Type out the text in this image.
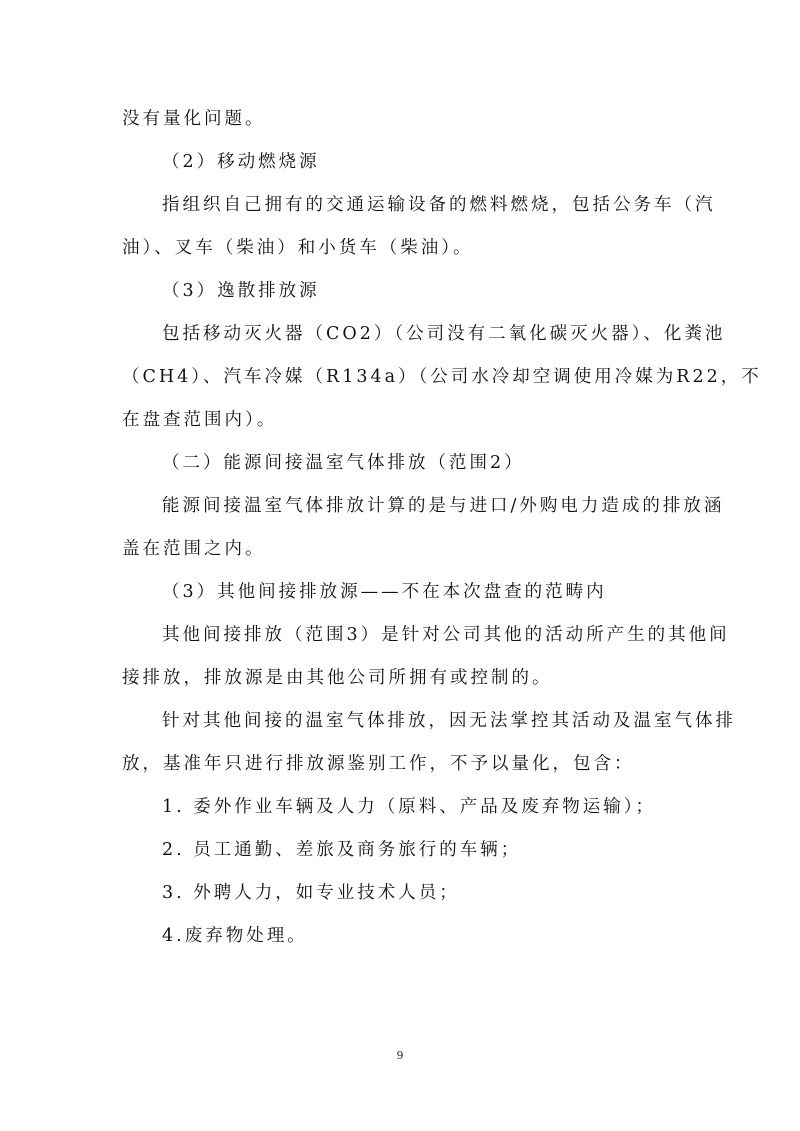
没有量化问题。
（2）移动燃烧源
指组织自己拥有的交通运输设备的燃料燃烧，包括公务车（汽
油）、叉车（柴油）和小货车（柴油）。
（3）逸散排放源
包括移动灭火器（CO2）（公司没有二氧化碳灭火器）、化粪池
（CH4）、汽车冷媒（R134a）（公司水冷却空调使用冷媒为R22，不
在盘查范围内）。
（二）能源间接温室气体排放（范围2）
能源间接温室气体排放计算的是与进口/外购电力造成的排放涵
盖在范围之内。
（3）其他间接排放源——不在本次盘查的范畴内
其他间接排放（范围3）是针对公司其他的活动所产生的其他间
接排放，排放源是由其他公司所拥有或控制的。
针对其他间接的温室气体排放，因无法掌控其活动及温室气体排
放，基准年只进行排放源鉴别工作，不予以量化，包含：
1. 委外作业车辆及人力（原料、产品及废弃物运输）；
2. 员工通勤、差旅及商务旅行的车辆；
3. 外聘人力，如专业技术人员；
4.废弃物处理。
9
